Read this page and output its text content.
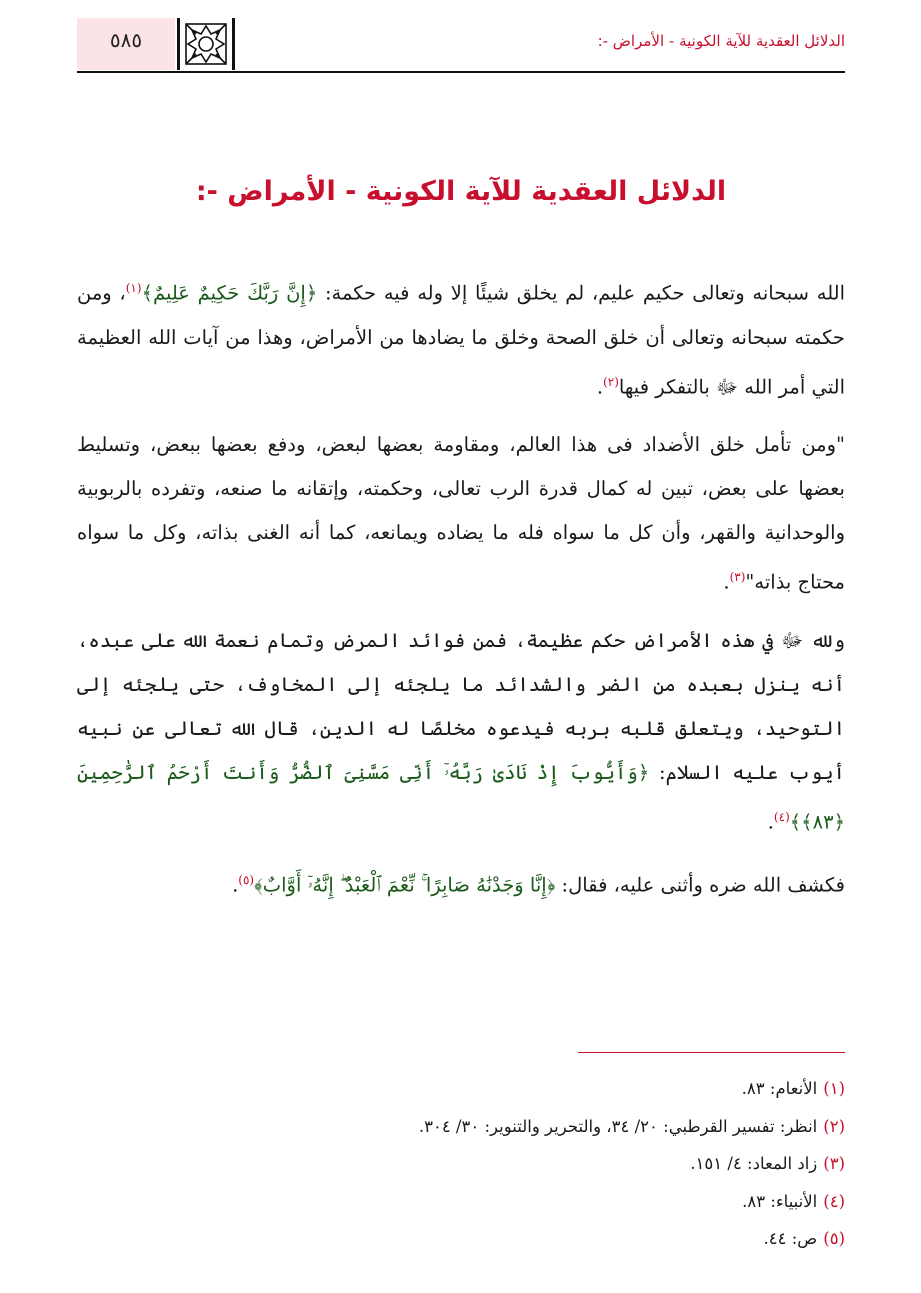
٥٨٥	الدلائل العقدية للآية الكونية - الأمراض -:
الدلائل العقدية للآية الكونية - الأمراض -:

الله سبحانه وتعالى حكيم عليم، لم يخلق شيئًا إلا وله فيه حكمة: ﴿إِنَّ رَبَّكَ حَكِيمٌ عَلِيمٌ﴾$^{(١)}$، ومن حكمته سبحانه وتعالى أن خلق الصحة وخلق ما يضادها من الأمراض، وهذا من آيات الله العظيمة التي أمر الله ﷻ بالتفكر فيها$^{(٢)}$.

"ومن تأمل خلق الأضداد فى هذا العالم، ومقاومة بعضها لبعض، ودفع بعضها ببعض، وتسليط بعضها على بعض، تبين له كمال قدرة الرب تعالى، وحكمته، وإتقانه ما صنعه، وتفرده بالربوبية والوحدانية والقهر، وأن كل ما سواه فله ما يضاده ويمانعه، كما أنه الغنى بذاته، وكل ما سواه محتاج بذاته"$^{(٣)}$.

ولله ﷻ في هذه الأمراض حكم عظيمة، فمن فوائد المرض وتمام نعمة الله على عبده، أنه ينزل بعبده من الضر والشدائد ما يلجئه إلى المخاوف، حتى يلجئه إلى التوحيد، ويتعلق قلبه بربه فيدعوه مخلصًا له الدين، قال الله تعالى عن نبيه أيوب عليه السلام: ﴿وَأَيُّوبَ إِذْ نَادَىٰ رَبَّهُۥٓ أَنِّى مَسَّنِىَ ٱلضُّرُّ وَأَنتَ أَرْحَمُ ٱلرَّٰحِمِينَ ﴿٨٣﴾﴾$^{(٤)}$.

فكشف الله ضره وأثنى عليه، فقال: ﴿إِنَّا وَجَدْنَٰهُ صَابِرًا ۚ نِّعْمَ ٱلْعَبْدُ ۖ إِنَّهُۥٓ أَوَّابٌ﴾$^{(٥)}$.

(١)الأنعام: ٨٣.
(٢)انظر: تفسير القرطبي: ٢٠/ ٣٤، والتحرير والتنوير: ٣٠/ ٣٠٤.
(٣)زاد المعاد: ٤/ ١٥١.
(٤)الأنبياء: ٨٣.
(٥)ص: ٤٤.
